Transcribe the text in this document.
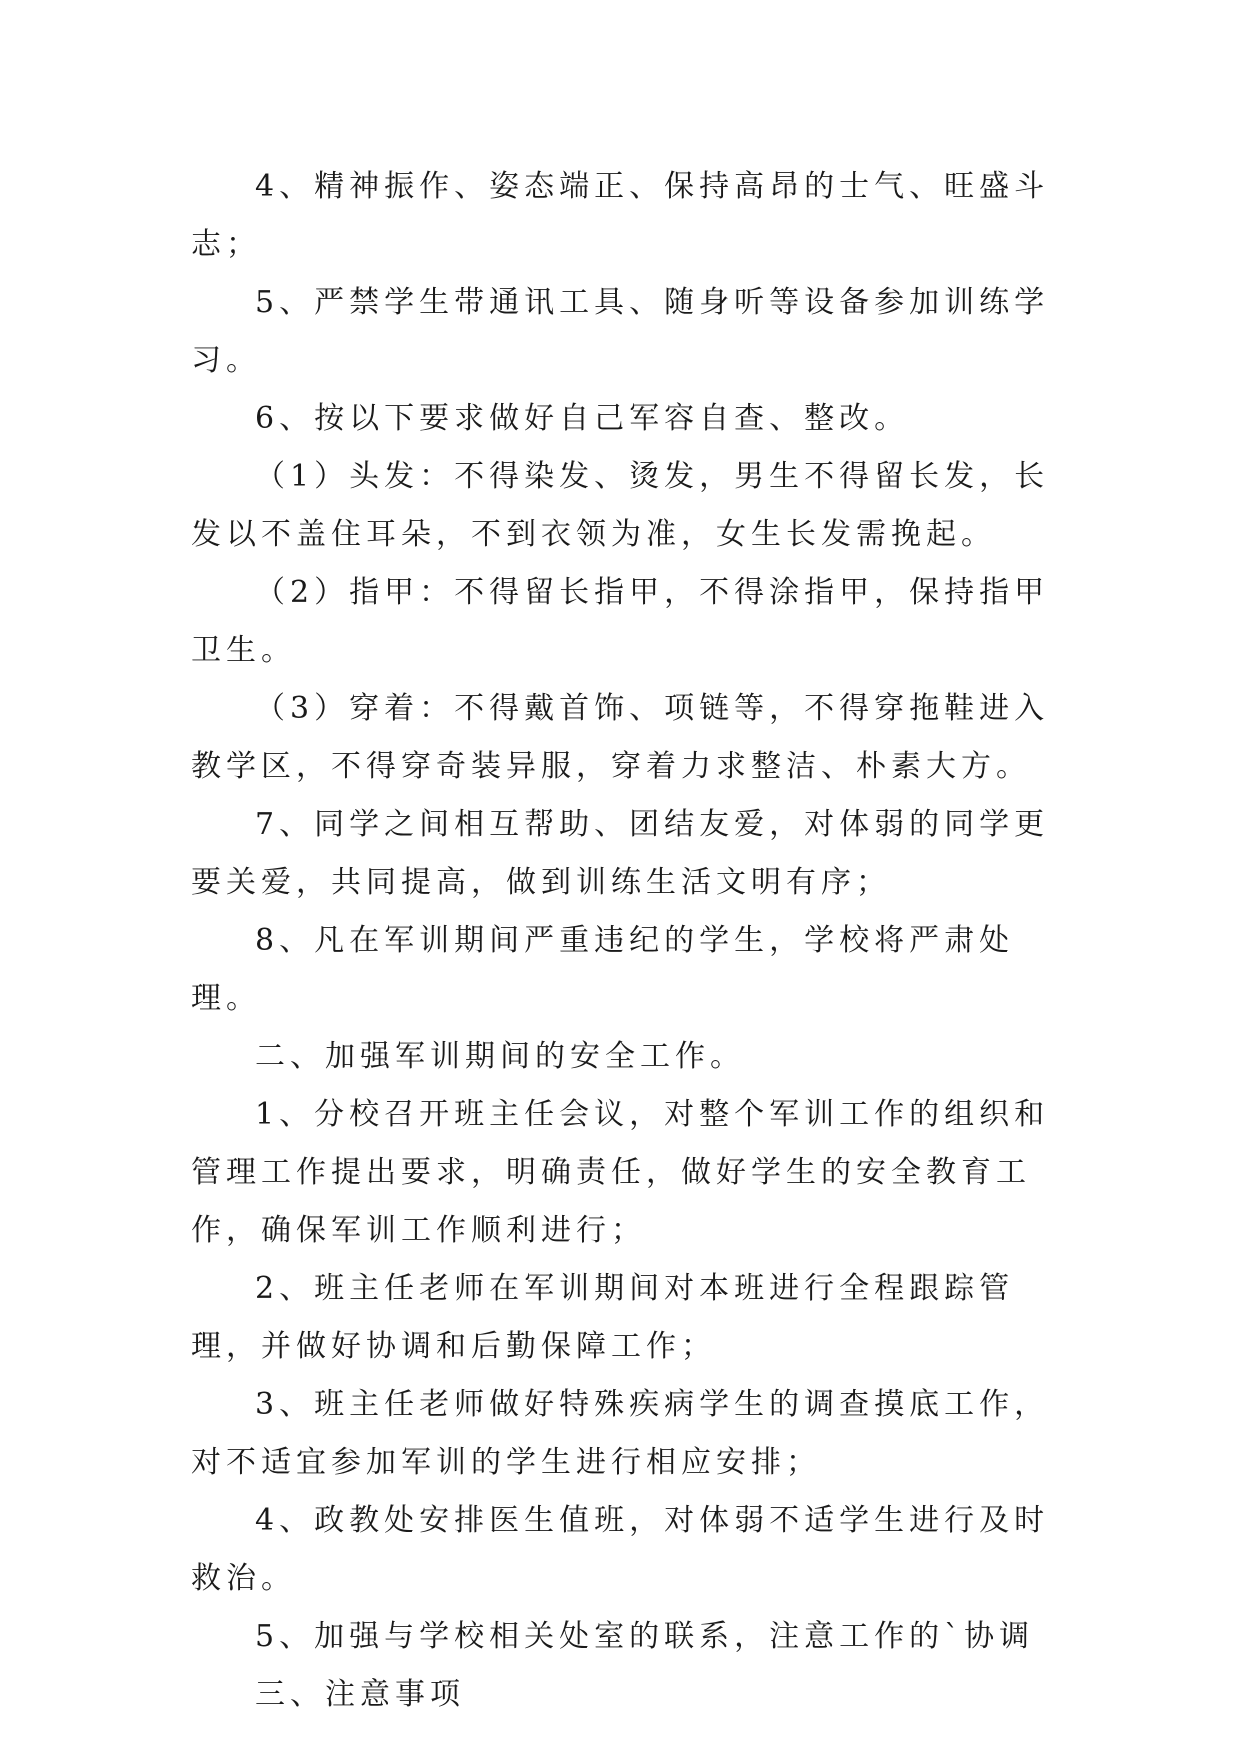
4、精神振作、姿态端正、保持高昂的士气、旺盛斗志；

5、严禁学生带通讯工具、随身听等设备参加训练学习。

6、按以下要求做好自己军容自查、整改。

（1）头发：不得染发、烫发，男生不得留长发，长发以不盖住耳朵，不到衣领为准，女生长发需挽起。

（2）指甲：不得留长指甲，不得涂指甲，保持指甲卫生。

（3）穿着：不得戴首饰、项链等，不得穿拖鞋进入教学区，不得穿奇装异服，穿着力求整洁、朴素大方。

7、同学之间相互帮助、团结友爱，对体弱的同学更要关爱，共同提高，做到训练生活文明有序；

8、凡在军训期间严重违纪的学生，学校将严肃处理。

二、加强军训期间的安全工作。

1、分校召开班主任会议，对整个军训工作的组织和管理工作提出要求，明确责任，做好学生的安全教育工作，确保军训工作顺利进行；

2、班主任老师在军训期间对本班进行全程跟踪管理，并做好协调和后勤保障工作；

3、班主任老师做好特殊疾病学生的调查摸底工作，对不适宜参加军训的学生进行相应安排；

4、政教处安排医生值班，对体弱不适学生进行及时救治。

5、加强与学校相关处室的联系，注意工作的`协调

三、注意事项
